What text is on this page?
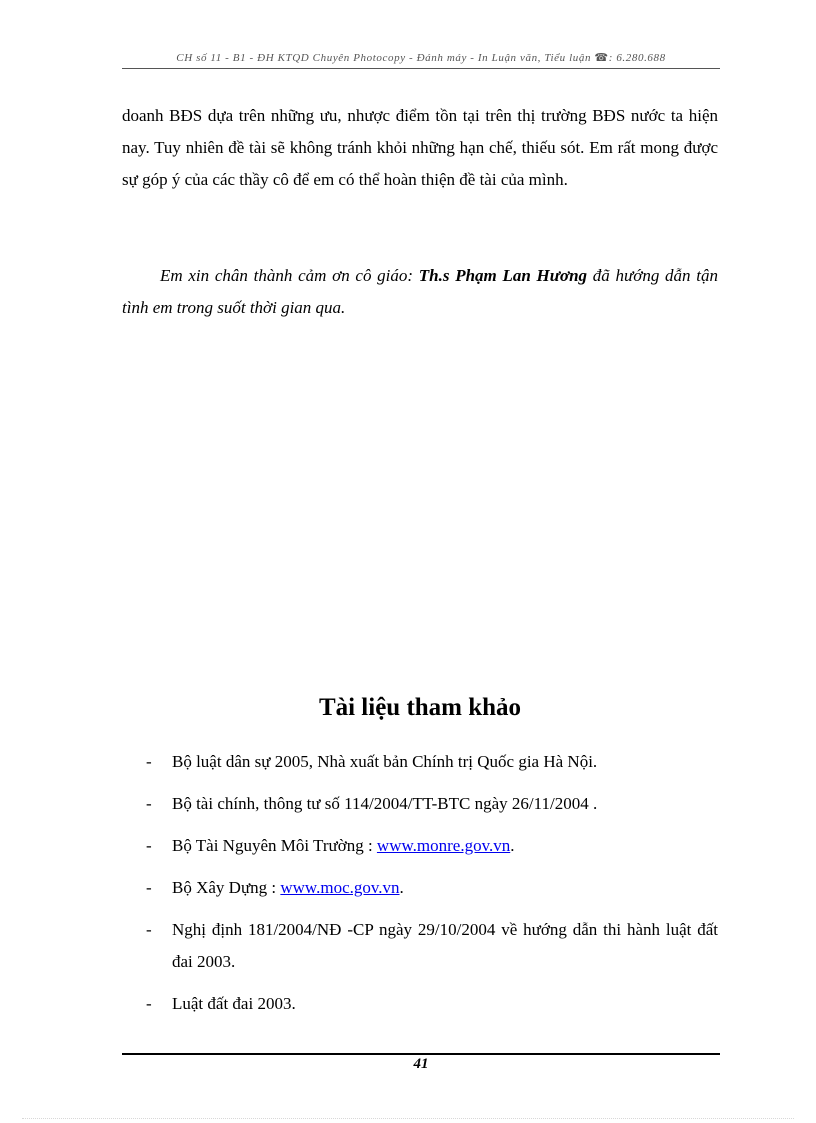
CH số 11 - B1 - ĐH KTQD Chuyên Photocopy - Đánh máy - In Luận văn, Tiểu luận ☎: 6.280.688

doanh BĐS dựa trên những ưu, nhược điểm tồn tại trên thị trường BĐS nước ta hiện nay. Tuy nhiên đề tài sẽ không tránh khỏi những hạn chế, thiếu sót. Em rất mong được sự góp ý của các thầy cô để em có thể hoàn thiện đề tài của mình.

Em xin chân thành cảm ơn cô giáo: Th.s Phạm Lan Hương đã hướng dẫn tận tình em trong suốt thời gian qua.
Tài liệu tham khảo
- Bộ luật dân sự 2005, Nhà xuất bản Chính trị Quốc gia Hà Nội.
- Bộ tài chính, thông tư số 114/2004/TT-BTC ngày 26/11/2004 .
- Bộ Tài Nguyên Môi Trường : www.monre.gov.vn.
- Bộ Xây Dựng : www.moc.gov.vn.
- Nghị định 181/2004/NĐ -CP ngày 29/10/2004 về hướng dẫn thi hành luật đất đai 2003.
- Luật đất đai 2003.
41
